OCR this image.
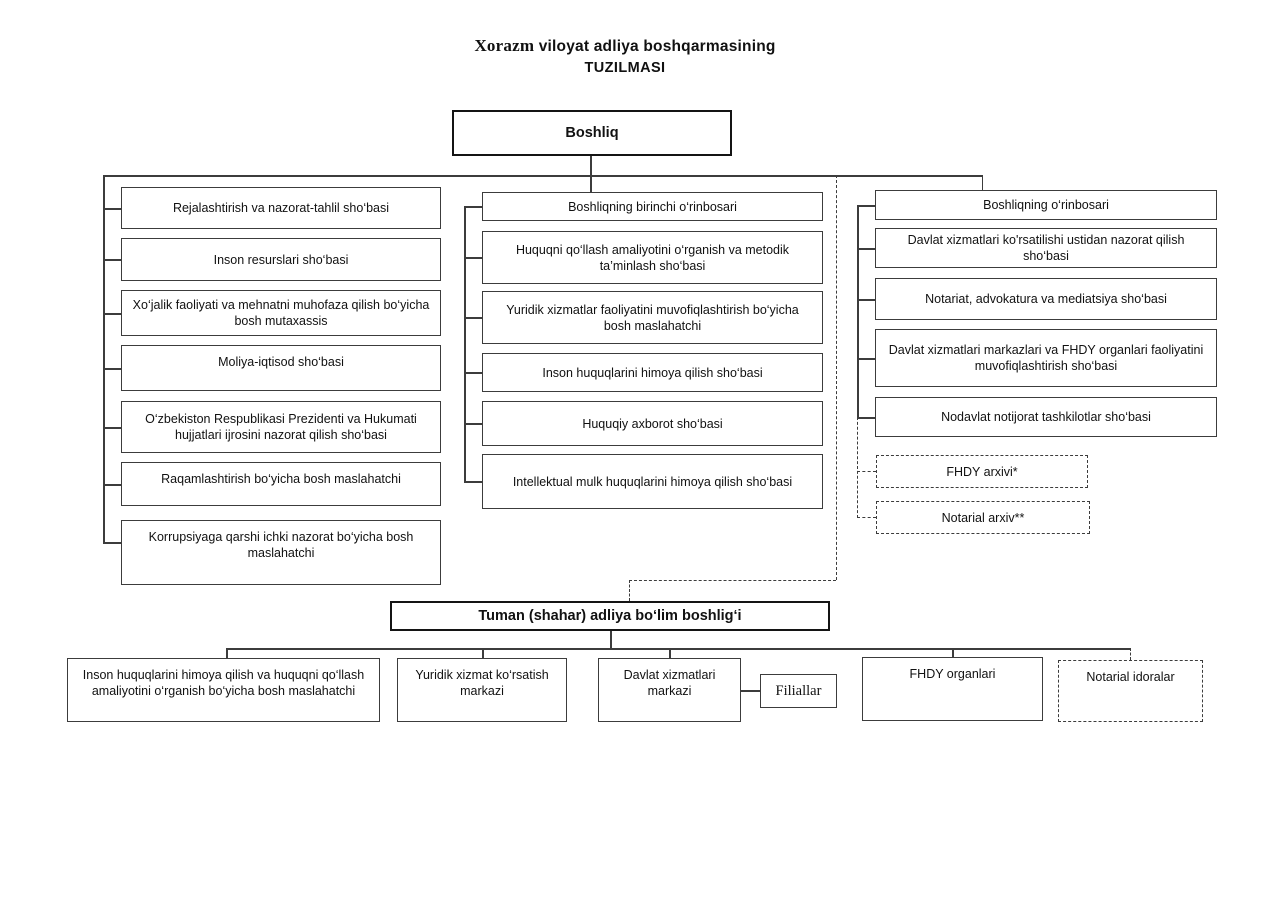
Xorazm viloyat adliya boshqarmasining
TUZILMASI
Boshliq
Rejalashtirish va nazorat-tahlil sho‘basi
Inson resurslari sho‘basi
Xo‘jalik faoliyati va mehnatni muhofaza qilish bo‘yicha bosh mutaxassis
Moliya-iqtisod sho‘basi
O‘zbekiston Respublikasi Prezidenti va Hukumati hujjatlari ijrosini nazorat qilish sho‘basi
Raqamlashtirish bo‘yicha bosh maslahatchi
Korrupsiyaga qarshi ichki nazorat bo‘yicha bosh maslahatchi
Boshliqning birinchi o‘rinbosari
Huquqni qo‘llash amaliyotini o‘rganish va metodik ta’minlash sho‘basi
Yuridik xizmatlar faoliyatini muvofiqlashtirish bo‘yicha bosh maslahatchi
Inson huquqlarini himoya qilish sho‘basi
Huquqiy axborot sho‘basi
Intellektual mulk huquqlarini himoya qilish sho‘basi
Boshliqning o‘rinbosari
Davlat xizmatlari ko'rsatilishi ustidan nazorat qilish sho‘basi
Notariat, advokatura va mediatsiya sho‘basi
Davlat xizmatlari markazlari va FHDY organlari faoliyatini muvofiqlashtirish sho‘basi
Nodavlat notijorat tashkilotlar sho‘basi
FHDY arxivi*
Notarial arxiv**
Tuman (shahar) adliya bo‘lim boshlig‘i
Inson huquqlarini himoya qilish va huquqni qo‘llash amaliyotini o‘rganish bo‘yicha bosh maslahatchi
Yuridik xizmat ko‘rsatish markazi
Davlat xizmatlari markazi	Filiallar
FHDY organlari	Notarial idoralar
